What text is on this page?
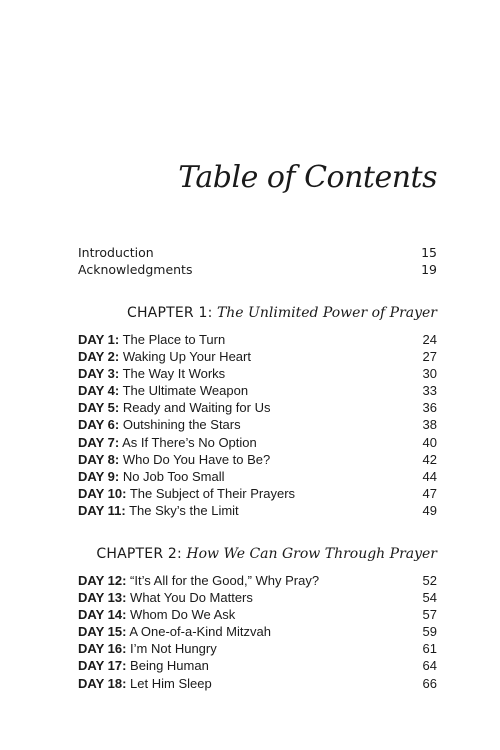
Table of Contents
Introduction	15
Acknowledgments	19
CHAPTER 1: The Unlimited Power of Prayer
DAY 1: The Place to Turn	24
DAY 2: Waking Up Your Heart	27
DAY 3: The Way It Works	30
DAY 4: The Ultimate Weapon	33
DAY 5: Ready and Waiting for Us	36
DAY 6: Outshining the Stars	38
DAY 7: As If There’s No Option	40
DAY 8: Who Do You Have to Be?	42
DAY 9: No Job Too Small	44
DAY 10: The Subject of Their Prayers	47
DAY 11: The Sky’s the Limit	49
CHAPTER 2: How We Can Grow Through Prayer
DAY 12: “It’s All for the Good,” Why Pray?	52
DAY 13: What You Do Matters	54
DAY 14: Whom Do We Ask	57
DAY 15: A One-of-a-Kind Mitzvah	59
DAY 16: I’m Not Hungry	61
DAY 17: Being Human	64
DAY 18: Let Him Sleep	66
